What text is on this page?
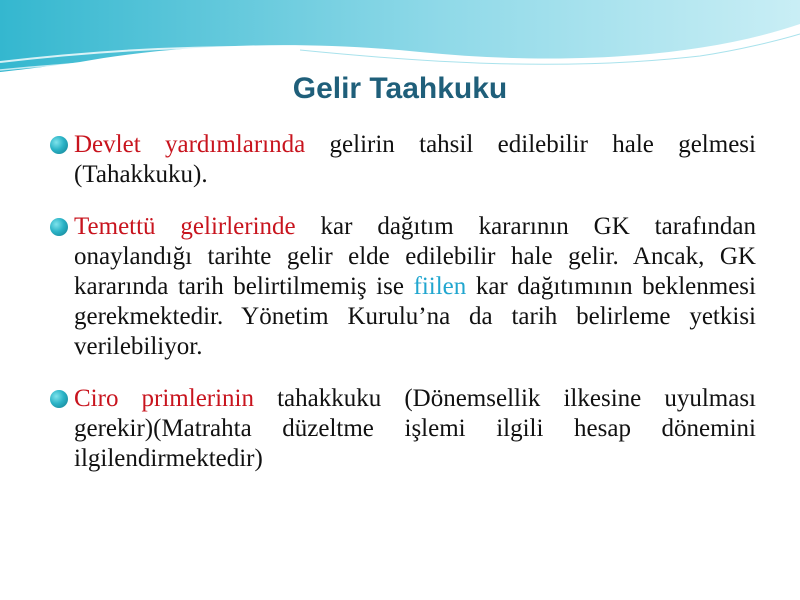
Gelir Taahkuku
Devlet yardımlarında gelirin tahsil edilebilir hale gelmesi (Tahakkuku).
Temettü gelirlerinde kar dağıtım kararının GK tarafından onaylandığı tarihte gelir elde edilebilir hale gelir. Ancak, GK kararında tarih belirtilmemiş ise fiilen kar dağıtımının beklenmesi gerekmektedir. Yönetim Kurulu’na da tarih belirleme yetkisi verilebiliyor.
Ciro primlerinin tahakkuku (Dönemsellik ilkesine uyulması gerekir)(Matrahta düzeltme işlemi ilgili hesap dönemini ilgilendirmektedir)
